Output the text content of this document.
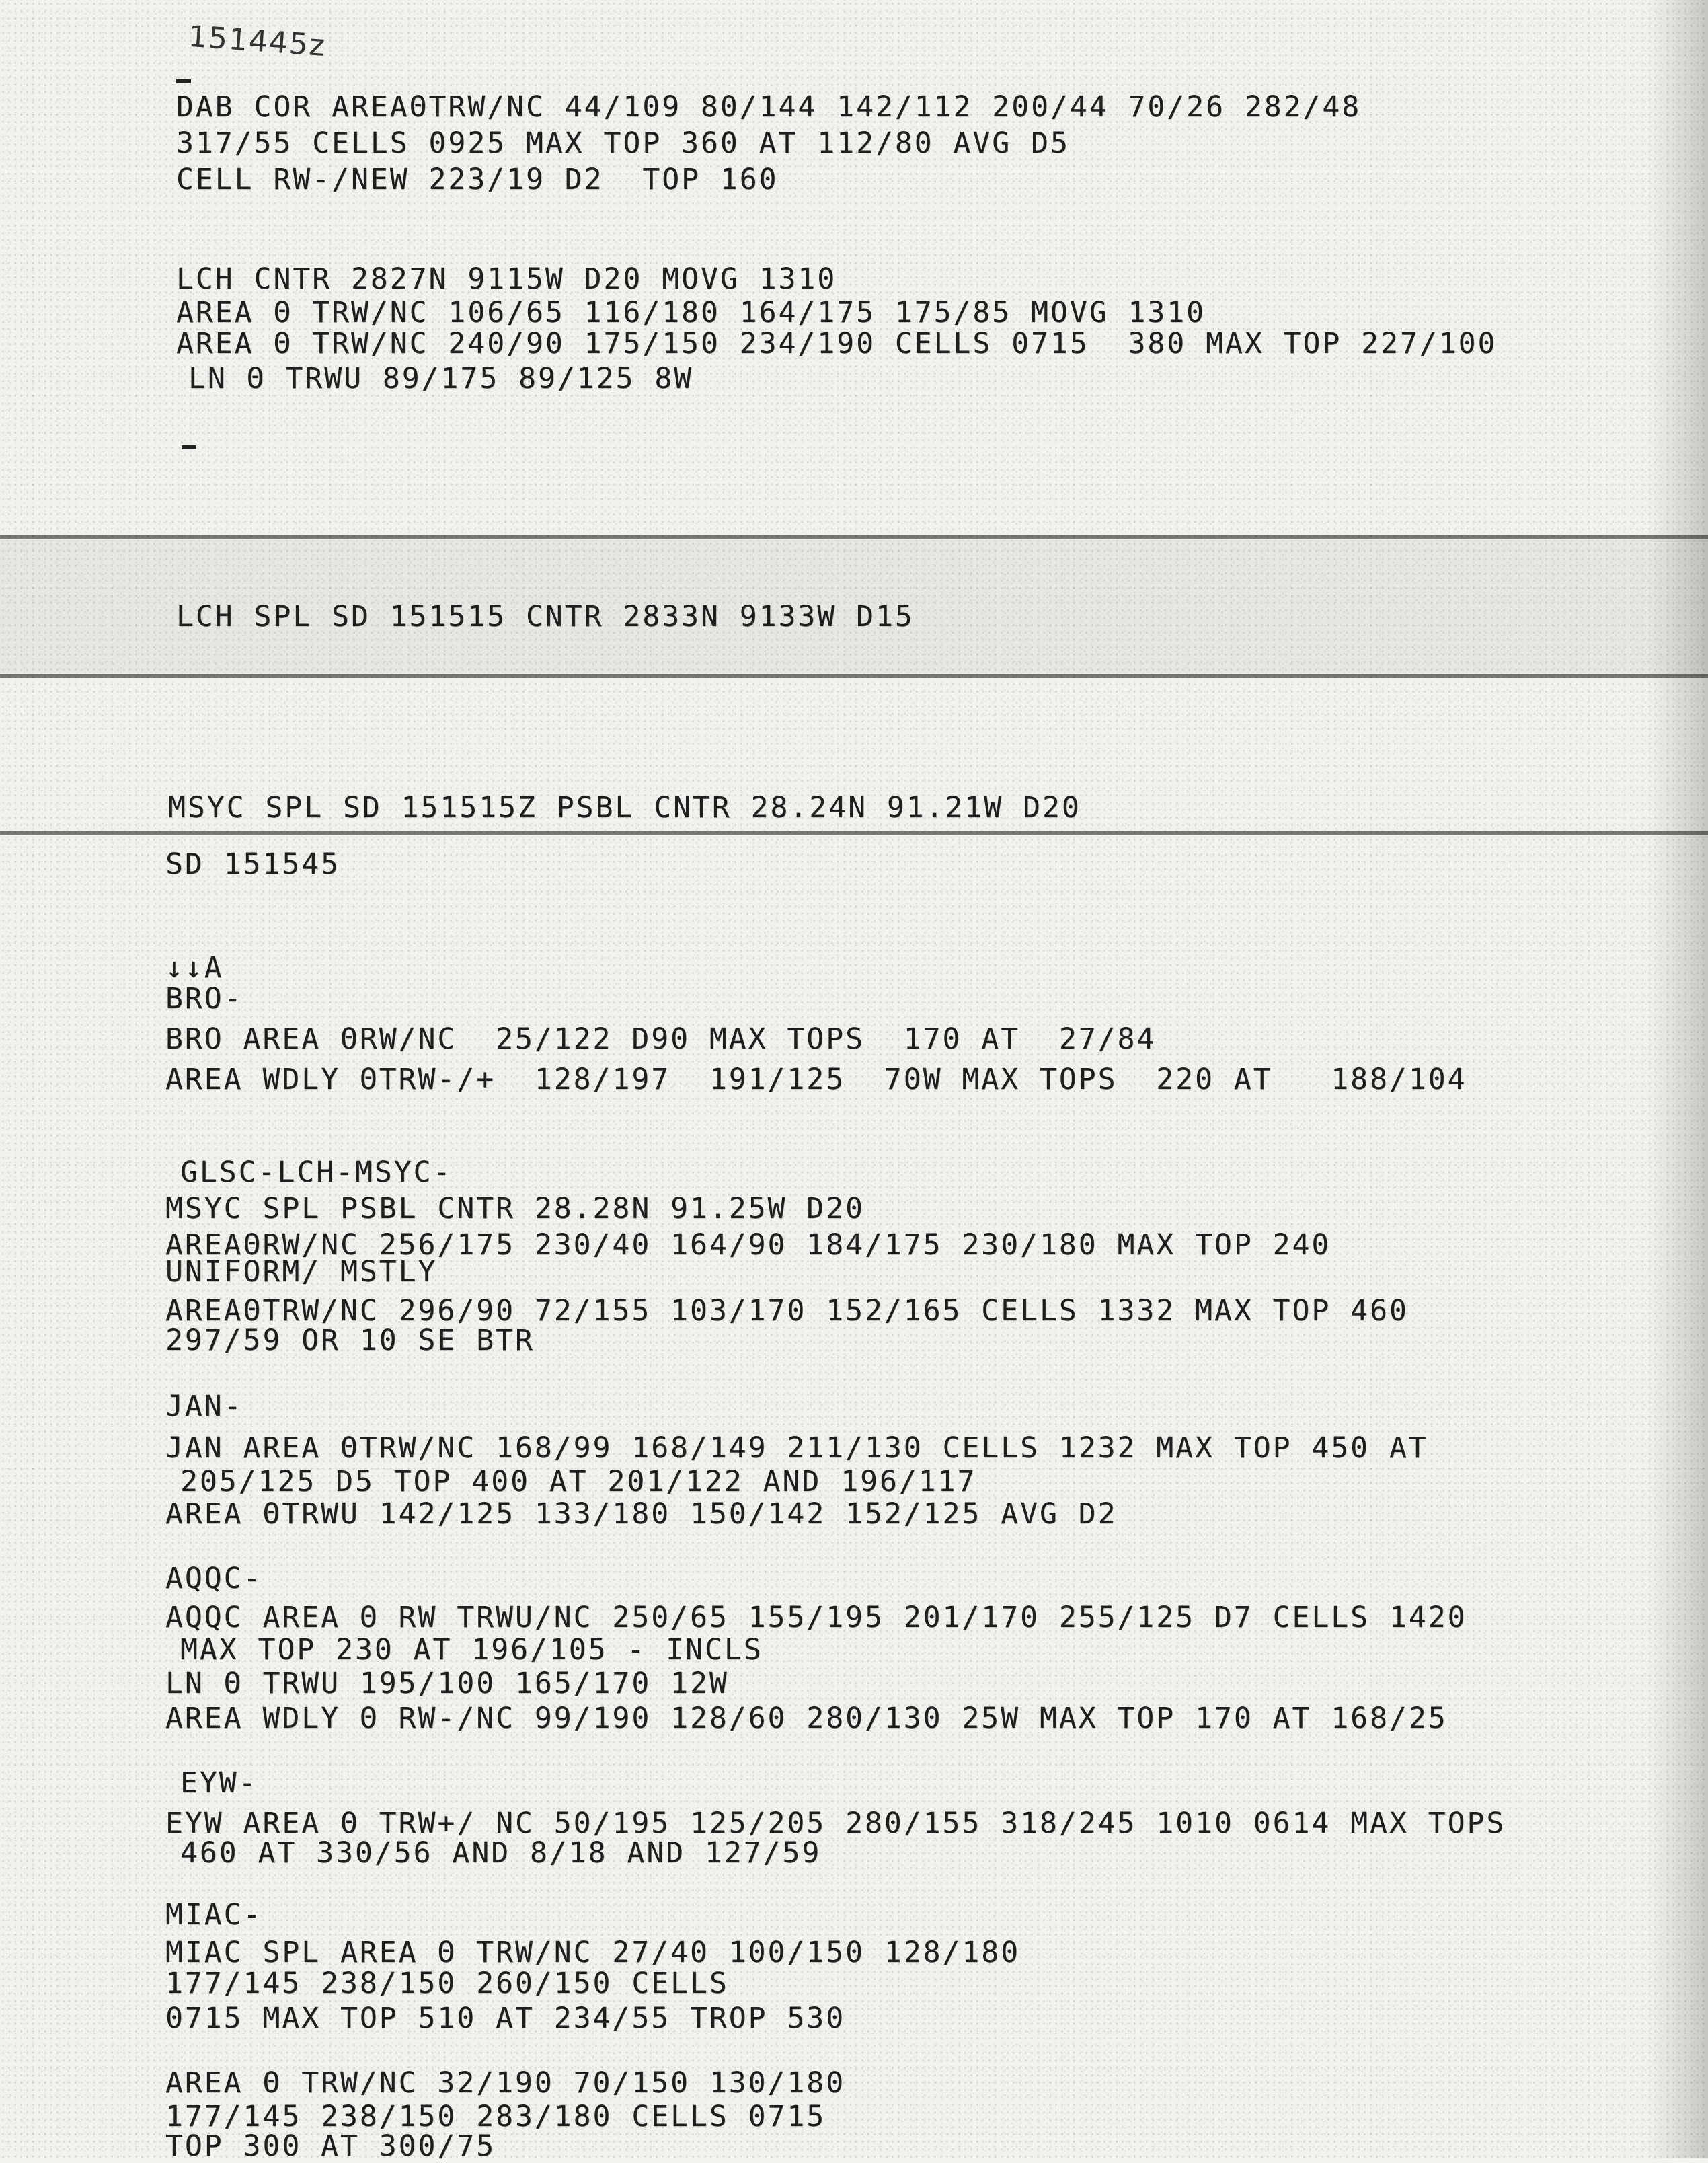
151445z

DAB COR AREAΘTRW/NC 44/109 80/144 142/112 200/44 70/26 282/48

317/55 CELLS 0925 MAX TOP 360 AT 112/80 AVG D5

CELL RW-/NEW 223/19 D2  TOP 160

LCH CNTR 2827N 9115W D20 MOVG 1310

AREA Θ TRW/NC 106/65 116/180 164/175 175/85 MOVG 1310

AREA Θ TRW/NC 240/90 175/150 234/190 CELLS 0715  380 MAX TOP 227/100

LN Θ TRWU 89/175 89/125 8W

LCH SPL SD 151515 CNTR 2833N 9133W D15

MSYC SPL SD 151515Z PSBL CNTR 28.24N 91.21W D20

SD 151545

↓↓A

BRO-

BRO AREA ΘRW/NC  25/122 D90 MAX TOPS  170 AT  27/84

AREA WDLY ΘTRW-/+  128/197  191/125  70W MAX TOPS  220 AT   188/104

GLSC-LCH-MSYC-

MSYC SPL PSBL CNTR 28.28N 91.25W D20

AREAΘRW/NC 256/175 230/40 164/90 184/175 230/180 MAX TOP 240

UNIFORM/ MSTLY

AREAΘTRW/NC 296/90 72/155 103/170 152/165 CELLS 1332 MAX TOP 460

297/59 OR 10 SE BTR

JAN-

JAN AREA ΘTRW/NC 168/99 168/149 211/130 CELLS 1232 MAX TOP 450 AT

205/125 D5 TOP 400 AT 201/122 AND 196/117

AREA ΘTRWU 142/125 133/180 150/142 152/125 AVG D2

AQQC-

AQQC AREA Θ RW TRWU/NC 250/65 155/195 201/170 255/125 D7 CELLS 1420

MAX TOP 230 AT 196/105 - INCLS

LN Θ TRWU 195/100 165/170 12W

AREA WDLY Θ RW-/NC 99/190 128/60 280/130 25W MAX TOP 170 AT 168/25

EYW-

EYW AREA Θ TRW+/ NC 50/195 125/205 280/155 318/245 1010 0614 MAX TOPS

460 AT 330/56 AND 8/18 AND 127/59

MIAC-

MIAC SPL AREA Θ TRW/NC 27/40 100/150 128/180

177/145 238/150 260/150 CELLS

0715 MAX TOP 510 AT 234/55 TROP 530

AREA Θ TRW/NC 32/190 70/150 130/180

177/145 238/150 283/180 CELLS 0715

TOP 300 AT 300/75
